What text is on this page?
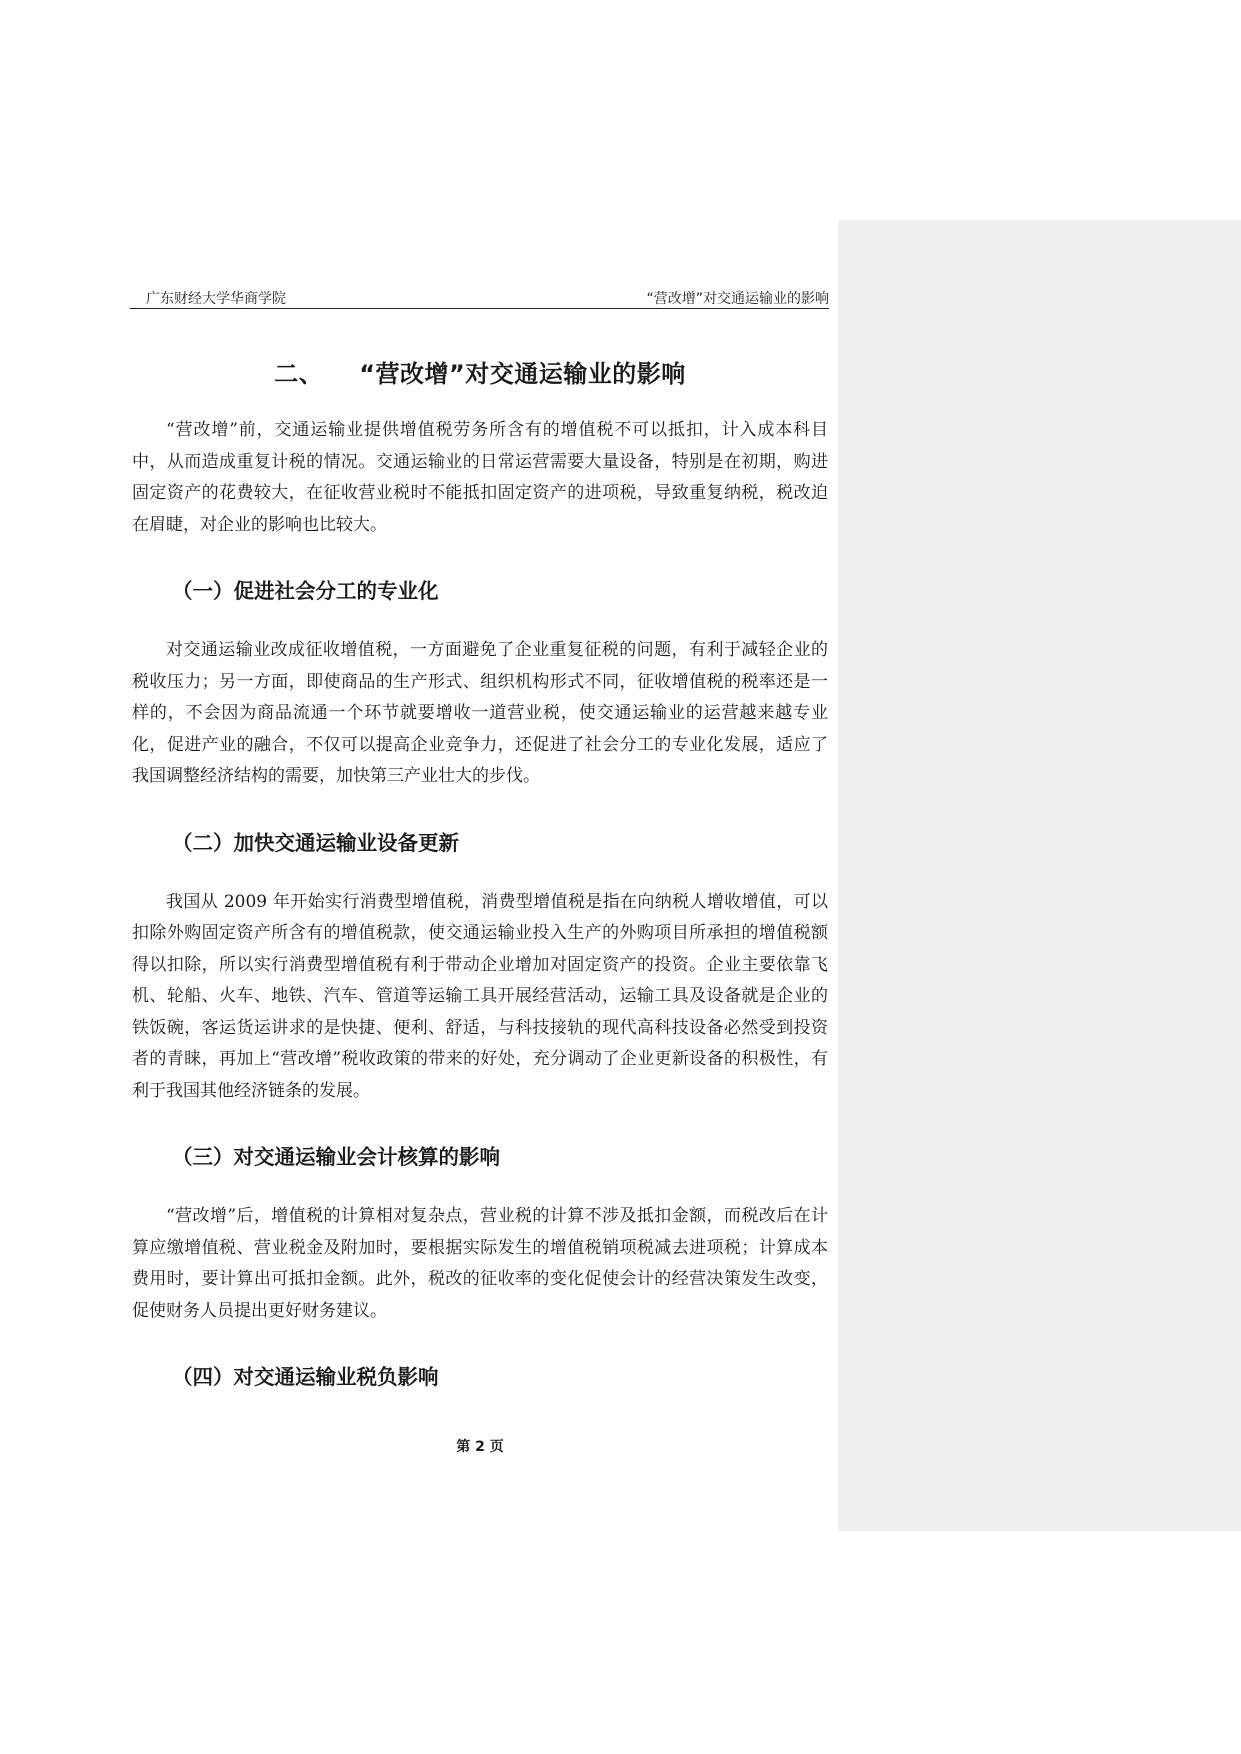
广东财经大学华商学院	“营改增”对交通运输业的影响
二、 “营改增”对交通运输业的影响

“营改增”前，交通运输业提供增值税劳务所含有的增值税不可以抵扣，计入成本科目中，从而造成重复计税的情况。交通运输业的日常运营需要大量设备，特别是在初期，购进固定资产的花费较大，在征收营业税时不能抵扣固定资产的进项税，导致重复纳税，税改迫在眉睫，对企业的影响也比较大。

（一）促进社会分工的专业化

对交通运输业改成征收增值税，一方面避免了企业重复征税的问题，有利于减轻企业的税收压力；另一方面，即使商品的生产形式、组织机构形式不同，征收增值税的税率还是一样的，不会因为商品流通一个环节就要增收一道营业税，使交通运输业的运营越来越专业化，促进产业的融合，不仅可以提高企业竞争力，还促进了社会分工的专业化发展，适应了我国调整经济结构的需要，加快第三产业壮大的步伐。

（二）加快交通运输业设备更新

我国从 2009 年开始实行消费型增值税，消费型增值税是指在向纳税人增收增值，可以扣除外购固定资产所含有的增值税款，使交通运输业投入生产的外购项目所承担的增值税额得以扣除，所以实行消费型增值税有利于带动企业增加对固定资产的投资。企业主要依靠飞机、轮船、火车、地铁、汽车、管道等运输工具开展经营活动，运输工具及设备就是企业的铁饭碗，客运货运讲求的是快捷、便利、舒适，与科技接轨的现代高科技设备必然受到投资者的青睐，再加上“营改增”税收政策的带来的好处，充分调动了企业更新设备的积极性，有利于我国其他经济链条的发展。

（三）对交通运输业会计核算的影响

“营改增”后，增值税的计算相对复杂点，营业税的计算不涉及抵扣金额，而税改后在计算应缴增值税、营业税金及附加时，要根据实际发生的增值税销项税减去进项税；计算成本费用时，要计算出可抵扣金额。此外，税改的征收率的变化促使会计的经营决策发生改变，促使财务人员提出更好财务建议。

（四）对交通运输业税负影响
第 2 页
